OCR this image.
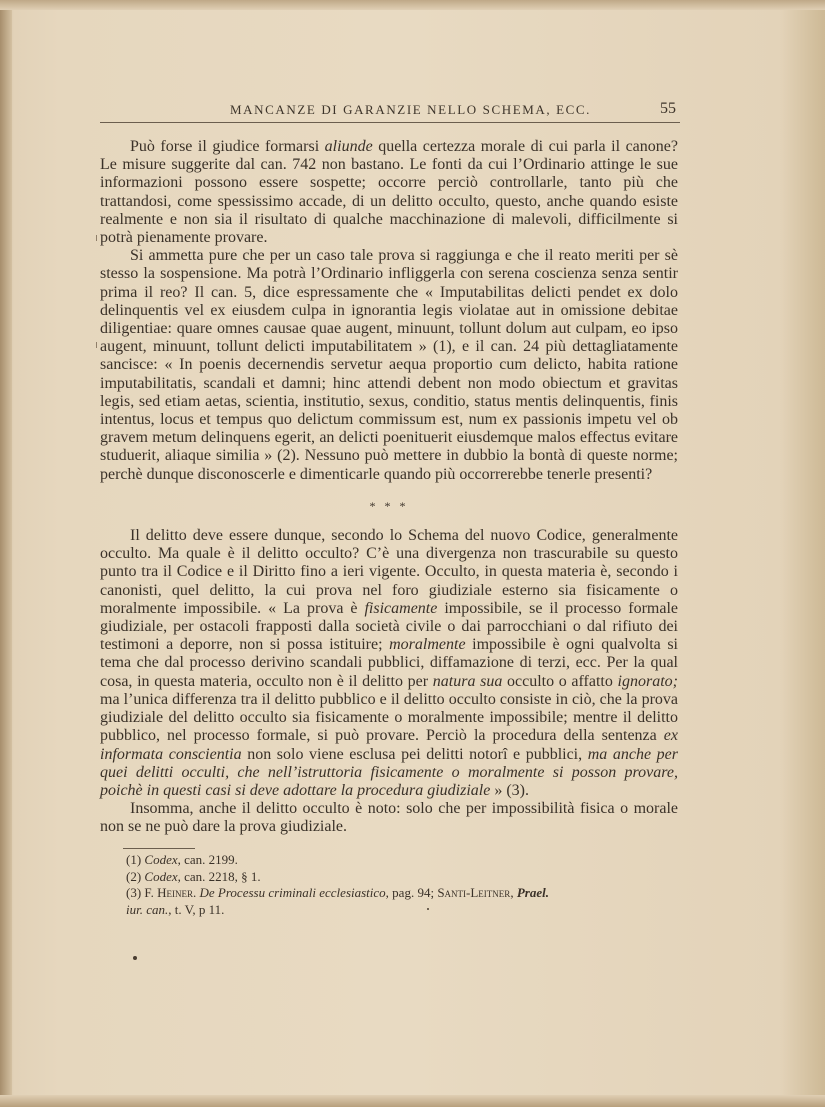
MANCANZE DI GARANZIE NELLO SCHEMA, ECC.	55

Può forse il giudice formarsi aliunde quella certezza morale di cui parla il canone? Le misure suggerite dal can. 742 non bastano. Le fonti da cui l’Ordinario attinge le sue informazioni possono essere sospette; occorre perciò controllarle, tanto più che trattandosi, come spessissimo accade, di un delitto occulto, questo, anche quando esiste realmente e non sia il risultato di qualche macchinazione di malevoli, difficilmente si potrà pienamente provare.

Si ammetta pure che per un caso tale prova si raggiunga e che il reato meriti per sè stesso la sospensione. Ma potrà l’Ordinario infliggerla con serena coscienza senza sentir prima il reo? Il can. 5, dice espressamente che « Imputabilitas delicti pendet ex dolo delinquentis vel ex eiusdem culpa in ignorantia legis violatae aut in omissione debitae diligentiae: quare omnes causae quae augent, minuunt, tollunt dolum aut culpam, eo ipso augent, minuunt, tollunt delicti imputabilitatem » (1), e il can. 24 più dettagliatamente sancisce: « In poenis decernendis servetur aequa proportio cum delicto, habita ratione imputabilitatis, scandali et damni; hinc attendi debent non modo obiectum et gravitas legis, sed etiam aetas, scientia, institutio, sexus, conditio, status mentis delinquentis, finis intentus, locus et tempus quo delictum commissum est, num ex passionis impetu vel ob gravem metum delinquens egerit, an delicti poenituerit eiusdemque malos effectus evitare studuerit, aliaque similia » (2). Nessuno può mettere in dubbio la bontà di queste norme; perchè dunque disconoscerle e dimenticarle quando più occorrerebbe tenerle presenti?

* * *

Il delitto deve essere dunque, secondo lo Schema del nuovo Codice, generalmente occulto. Ma quale è il delitto occulto? C’è una divergenza non trascurabile su questo punto tra il Codice e il Diritto fino a ieri vigente. Occulto, in questa materia è, secondo i canonisti, quel delitto, la cui prova nel foro giudiziale esterno sia fisicamente o moralmente impossibile. « La prova è fisicamente impossibile, se il processo formale giudiziale, per ostacoli frapposti dalla società civile o dai parrocchiani o dal rifiuto dei testimoni a deporre, non si possa istituire; moralmente impossibile è ogni qualvolta si tema che dal processo derivino scandali pubblici, diffamazione di terzi, ecc. Per la qual cosa, in questa materia, occulto non è il delitto per natura sua occulto o affatto ignorato; ma l’unica differenza tra il delitto pubblico e il delitto occulto consiste in ciò, che la prova giudiziale del delitto occulto sia fisicamente o moralmente impossibile; mentre il delitto pubblico, nel processo formale, si può provare. Perciò la procedura della sentenza ex informata conscientia non solo viene esclusa pei delitti notorî e pubblici, ma anche per quei delitti occulti, che nell’istruttoria fisicamente o moralmente si posson provare, poichè in questi casi si deve adottare la procedura giudiziale » (3).

Insomma, anche il delitto occulto è noto: solo che per impossibilità fisica o morale non se ne può dare la prova giudiziale.

(1) Codex, can. 2199.
(2) Codex, can. 2218, § 1.
(3) F. Heiner. De Processu criminali ecclesiastico, pag. 94; Santi-Leitner, Prael.
iur. can., t. V, p 11.
